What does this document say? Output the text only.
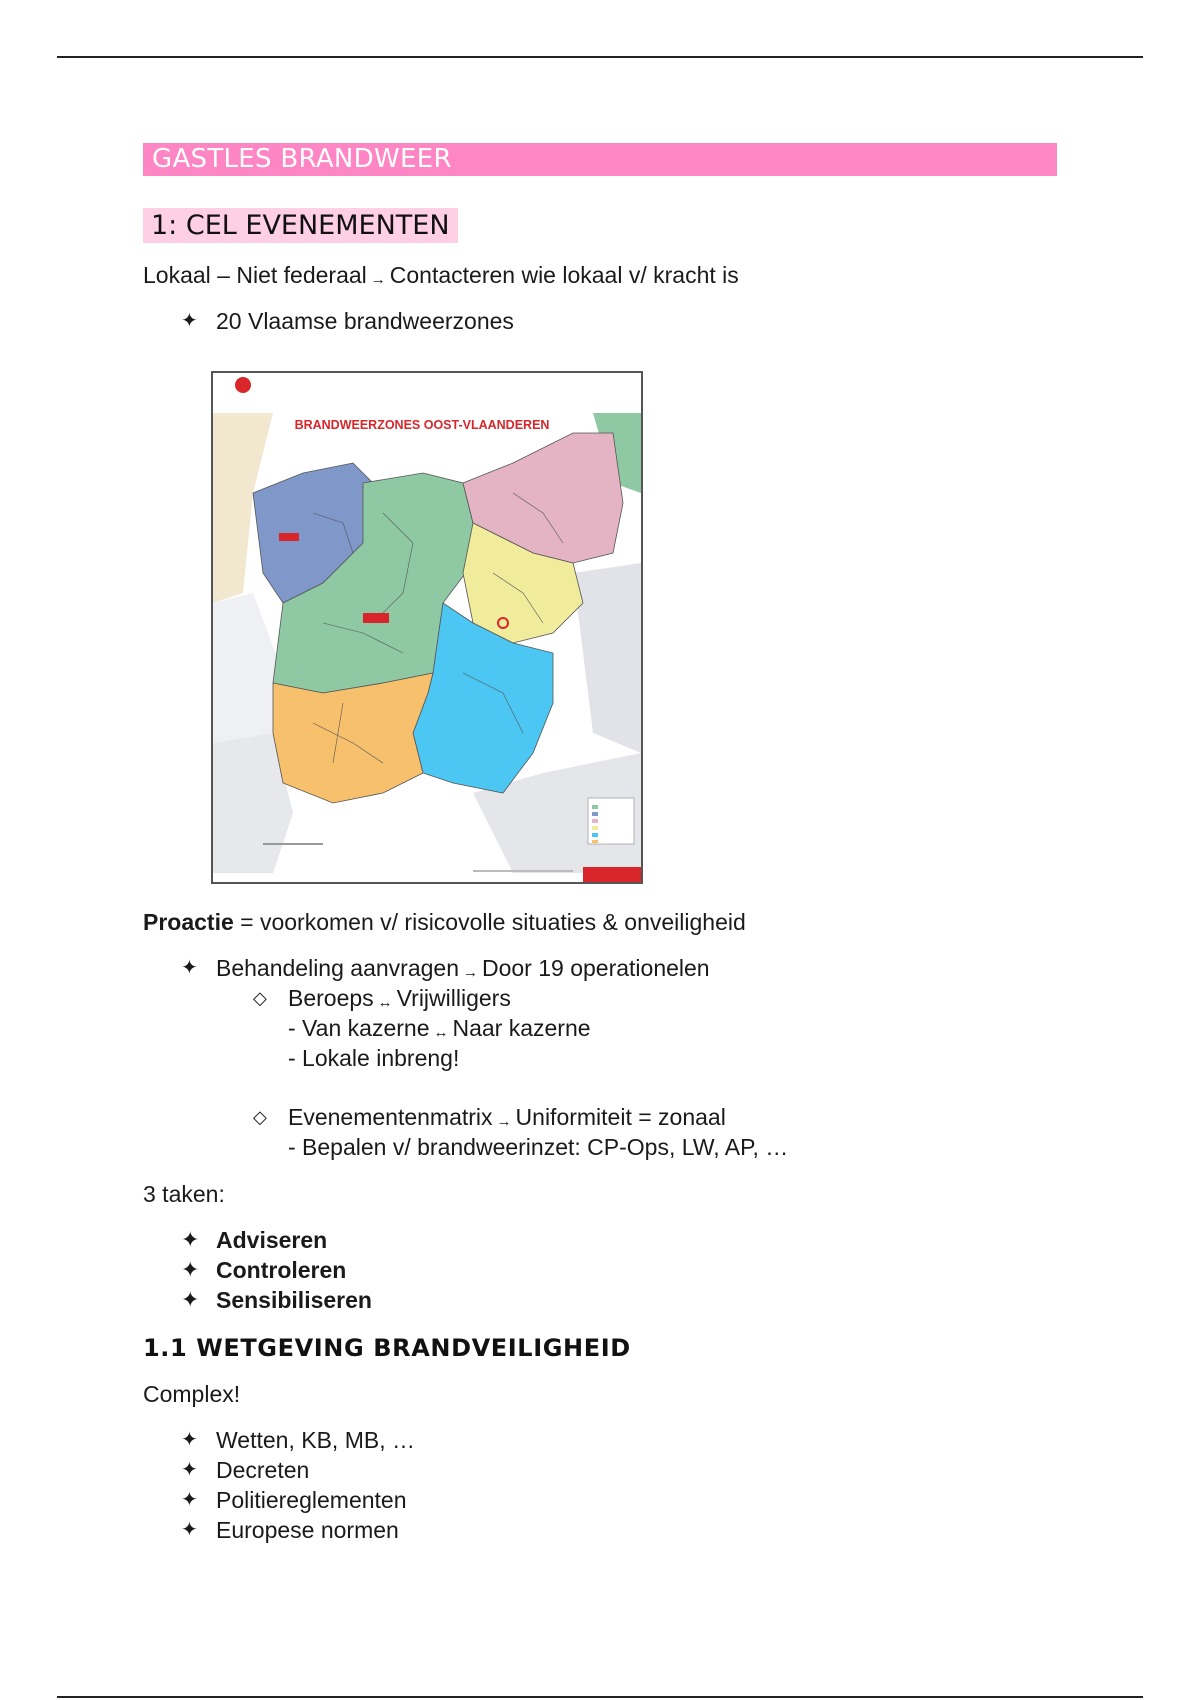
GASTLES BRANDWEER
1: CEL EVENEMENTEN
Lokaal – Niet federaal → Contacteren wie lokaal v/ kracht is
✦ 20 Vlaamse brandweerzones
BRANDWEERZONES OOST-VLAANDEREN
Proactie = voorkomen v/ risicovolle situaties & onveiligheid
✦ Behandeling aanvragen → Door 19 operationelen
◇ Beroeps ↔ Vrijwilligers
- Van kazerne ↔ Naar kazerne
- Lokale inbreng!
◇ Evenementenmatrix → Uniformiteit = zonaal
- Bepalen v/ brandweerinzet: CP-Ops, LW, AP, …
3 taken:
✦ Adviseren
✦ Controleren
✦ Sensibiliseren
1.1 WETGEVING BRANDVEILIGHEID
Complex!
✦ Wetten, KB, MB, …
✦ Decreten
✦ Politiereglementen
✦ Europese normen
